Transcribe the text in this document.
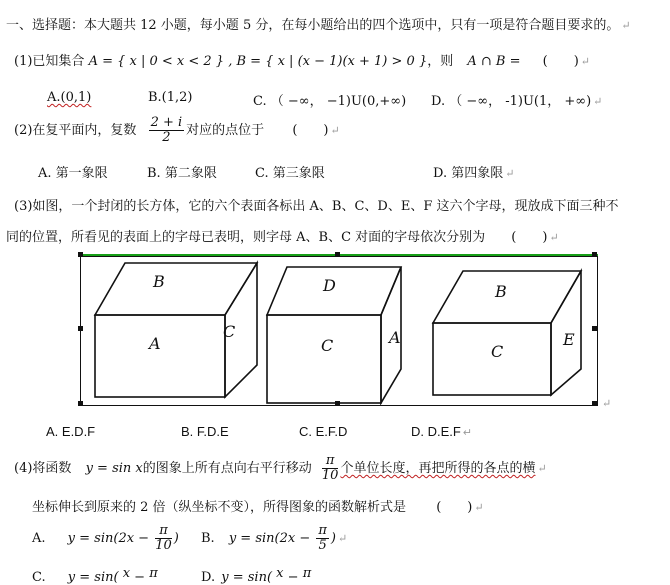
一、选择题：本大题共 12 小题，每小题 5 分，在每小题给出的四个选项中，只有一项是符合题目要求的。 ↵
(1)已知集合 A = { x | 0 < x < 2 } , B = { x | (x − 1)(x + 1) > 0 }，则 A ∩ B = (　　) ↵
A.(0,1)	B.(1,2)	C. （ −∞， −1)U(0,+∞) D. （ −∞， -1)U(1， +∞) ↵
(2)在复平面内，复数 $\frac{2 + i}{2}$ 对应的点位于 (　　) ↵
A. 第一象限	B. 第二象限	C. 第三象限	D. 第四象限 ↵
(3)如图，一个封闭的长方体，它的六个表面各标出 A、B、C、D、E、F 这六个字母，现放成下面三种不
同的位置，所看见的表面上的字母已表明，则字母 A、B、C 对面的字母依次分别为 (　　) ↵
B
A
C
D
C	A
B
C
E
↵
A. E.D.F	B. F.D.E	C. E.F.D	D. D.E.F ↵
(4)将函数 y = sin x的图象上所有点向右平行移动 $\frac{\pi}{10}$ 个单位长度，再把所得的各点的横 ↵
坐标伸长到原来的 2 倍（纵坐标不变），所得图象的函数解析式是 (　　) ↵
A. $y = \sin(2x - \frac{\pi}{10}$ ) B. $y = \sin(2x - \frac{\pi}{5}$ ) ↵
C. y = sin( x − π	D. y = sin( x − π
